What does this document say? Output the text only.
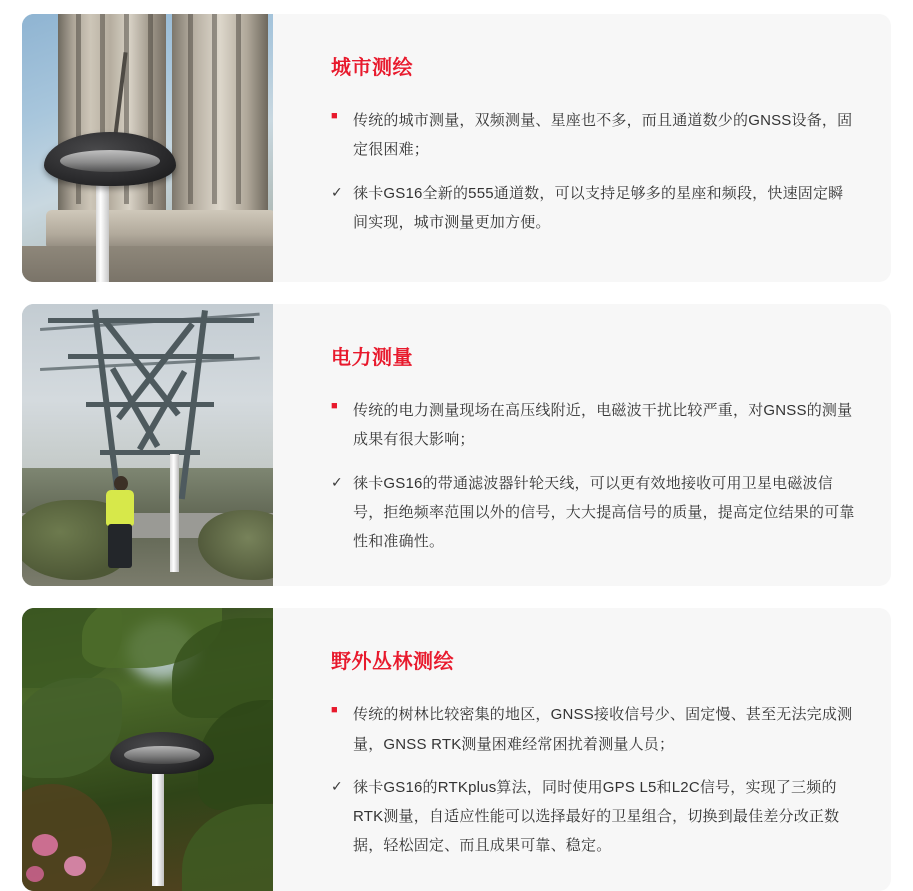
城市测绘
■	传统的城市测量，双频测量、星座也不多，而且通道数少的GNSS设备，固定很困难；
✓ 徕卡GS16全新的555通道数，可以支持足够多的星座和频段，快速固定瞬间实现，城市测量更加方便。
电力测量
■	传统的电力测量现场在高压线附近，电磁波干扰比较严重，对GNSS的测量成果有很大影响；
✓ 徕卡GS16的带通滤波器针轮天线，可以更有效地接收可用卫星电磁波信号，拒绝频率范围以外的信号，大大提高信号的质量，提高定位结果的可靠性和准确性。
野外丛林测绘
■	传统的树林比较密集的地区，GNSS接收信号少、固定慢、甚至无法完成测量，GNSS RTK测量困难经常困扰着测量人员；
✓ 徕卡GS16的RTKplus算法，同时使用GPS L5和L2C信号，实现了三频的RTK测量，自适应性能可以选择最好的卫星组合，切换到最佳差分改正数据，轻松固定、而且成果可靠、稳定。
